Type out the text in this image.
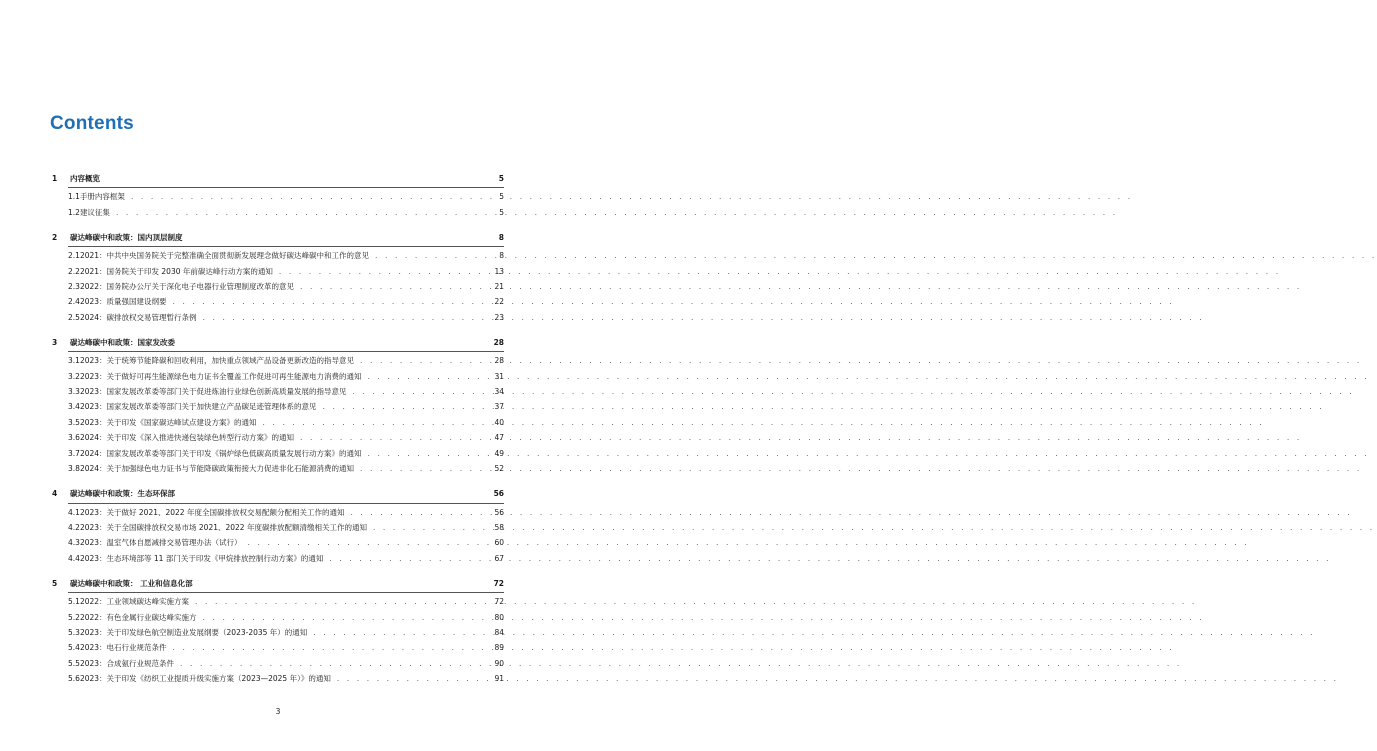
Contents
1	内容概览	5
1.1 手册内容框架 . . .	5
1.2 建议征集 . . .	5
2	碳达峰碳中和政策：国内顶层制度	8
2.1 2021：中共中央国务院关于完整准确全面贯彻新发展理念做好碳达峰碳中和工作的意见 . . .	8
2.2 2021：国务院关于印发 2030 年前碳达峰行动方案的通知 . . .	13
2.3 2022：国务院办公厅关于深化电子电器行业管理制度改革的意见 . . .	21
2.4 2023：质量强国建设纲要 . . .	22
2.5 2024：碳排放权交易管理暂行条例 . . .	23
3	碳达峰碳中和政策：国家发改委	28
3.1 2023：关于统筹节能降碳和回收利用，加快重点领域产品设备更新改造的指导意见 . . .	28
3.2 2023：关于做好可再生能源绿色电力证书全覆盖工作促进可再生能源电力消费的通知 . . .	31
3.3 2023：国家发展改革委等部门关于促进炼油行业绿色创新高质量发展的指导意见 . . .	34
3.4 2023：国家发展改革委等部门关于加快建立产品碳足迹管理体系的意见 . . .	37
3.5 2023：关于印发《国家碳达峰试点建设方案》的通知 . . .	40
3.6 2024：关于印发《深入推进快递包装绿色转型行动方案》的通知 . . .	47
3.7 2024：国家发展改革委等部门关于印发《锅炉绿色低碳高质量发展行动方案》的通知 . . .	49
3.8 2024：关于加强绿色电力证书与节能降碳政策衔接大力促进非化石能源消费的通知 . . .	52
4	碳达峰碳中和政策：生态环保部	56
4.1 2023：关于做好 2021、2022 年度全国碳排放权交易配额分配相关工作的通知 . . .	56
4.2 2023：关于全国碳排放权交易市场 2021、2022 年度碳排放配额清缴相关工作的通知 . . .	58
4.3 2023：温室气体自愿减排交易管理办法（试行） . . .	60
4.4 2023：生态环境部等 11 部门关于印发《甲烷排放控制行动方案》的通知 . . .	67
5	碳达峰碳中和政策： 工业和信息化部	72
5.1 2022：工业领域碳达峰实施方案 . . .	72
5.2 2022：有色金属行业碳达峰实施方 . . .	80
5.3 2023：关于印发绿色航空制造业发展纲要（2023-2035 年）的通知 . . .	84
5.4 2023：电石行业规范条件 . . .	89
5.5 2023：合成氨行业规范条件 . . .	90
5.6 2023：关于印发《纺织工业提质升级实施方案（2023—2025 年）》的通知 . . .	91
3
